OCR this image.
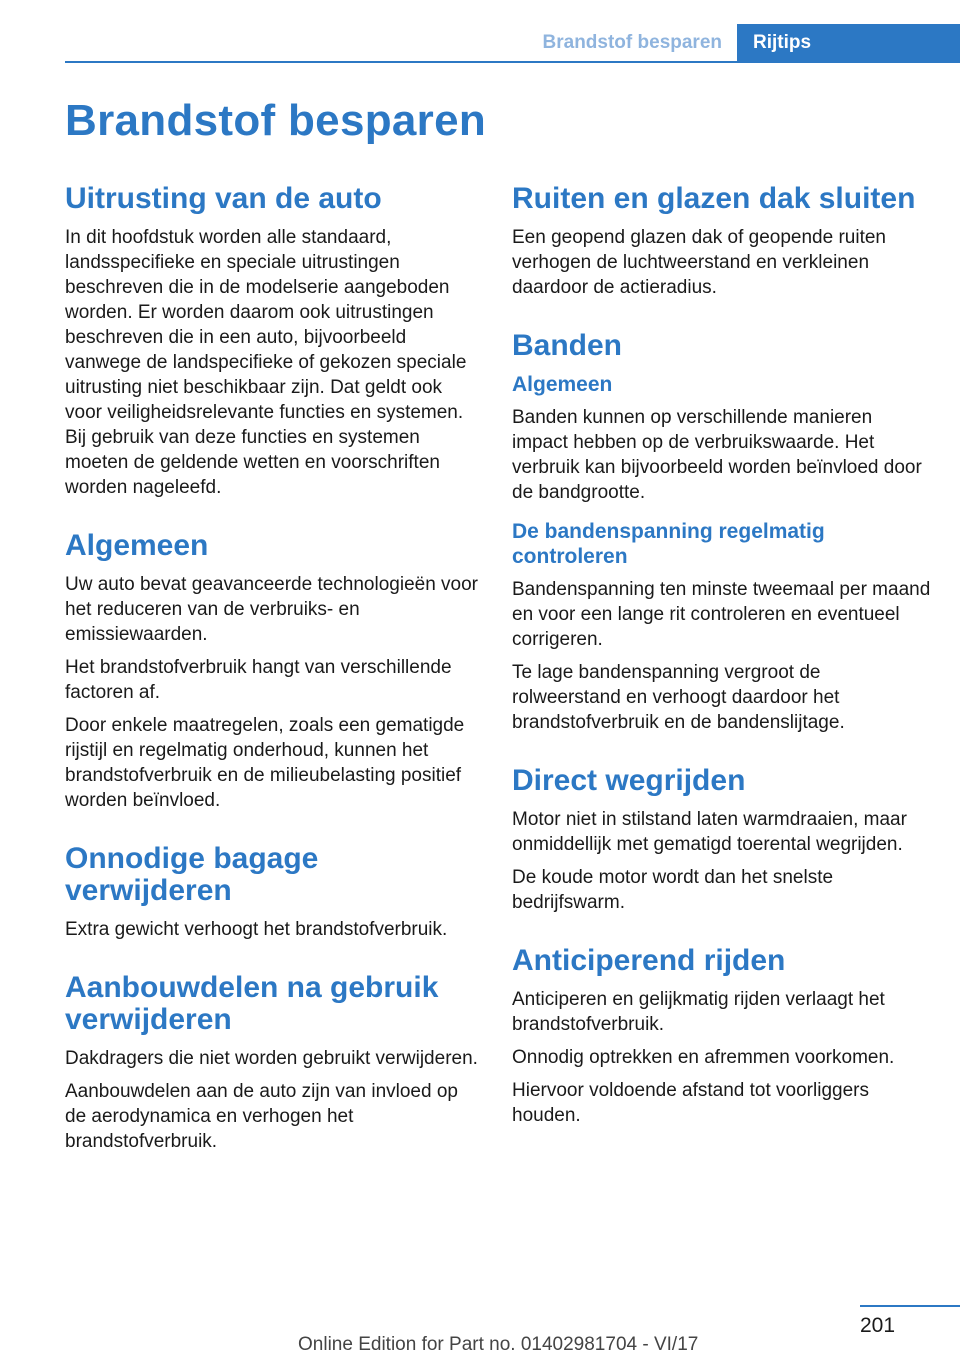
Brandstof besparen	Rijtips
Brandstof besparen
Uitrusting van de auto

In dit hoofdstuk worden alle standaard, landsspecifieke en speciale uitrustingen beschreven die in de modelserie aangeboden worden. Er worden daarom ook uitrustingen beschreven die in een auto, bijvoorbeeld vanwege de landspecifieke of gekozen speciale uitrusting niet beschikbaar zijn. Dat geldt ook voor veiligheidsrelevante functies en systemen. Bij gebruik van deze functies en systemen moeten de geldende wetten en voorschriften worden nageleefd.

Algemeen

Uw auto bevat geavanceerde technologieën voor het reduceren van de verbruiks- en emissiewaarden.

Het brandstofverbruik hangt van verschillende factoren af.

Door enkele maatregelen, zoals een gematigde rijstijl en regelmatig onderhoud, kunnen het brandstofverbruik en de milieubelasting positief worden beïnvloed.

Onnodige bagage verwijderen

Extra gewicht verhoogt het brandstofverbruik.

Aanbouwdelen na gebruik verwijderen

Dakdragers die niet worden gebruikt verwijderen.

Aanbouwdelen aan de auto zijn van invloed op de aerodynamica en verhogen het brandstofverbruik.

Ruiten en glazen dak sluiten

Een geopend glazen dak of geopende ruiten verhogen de luchtweerstand en verkleinen daardoor de actieradius.

Banden
Algemeen

Banden kunnen op verschillende manieren impact hebben op de verbruikswaarde. Het verbruik kan bijvoorbeeld worden beïnvloed door de bandgrootte.

De bandenspanning regelmatig controleren

Bandenspanning ten minste tweemaal per maand en voor een lange rit controleren en eventueel corrigeren.

Te lage bandenspanning vergroot de rolweerstand en verhoogt daardoor het brandstofverbruik en de bandenslijtage.

Direct wegrijden

Motor niet in stilstand laten warmdraaien, maar onmiddellijk met gematigd toerental wegrijden.

De koude motor wordt dan het snelste bedrijfswarm.

Anticiperend rijden

Anticiperen en gelijkmatig rijden verlaagt het brandstofverbruik.

Onnodig optrekken en afremmen voorkomen.

Hiervoor voldoende afstand tot voorliggers houden.

201
Online Edition for Part no. 01402981704 - VI/17
